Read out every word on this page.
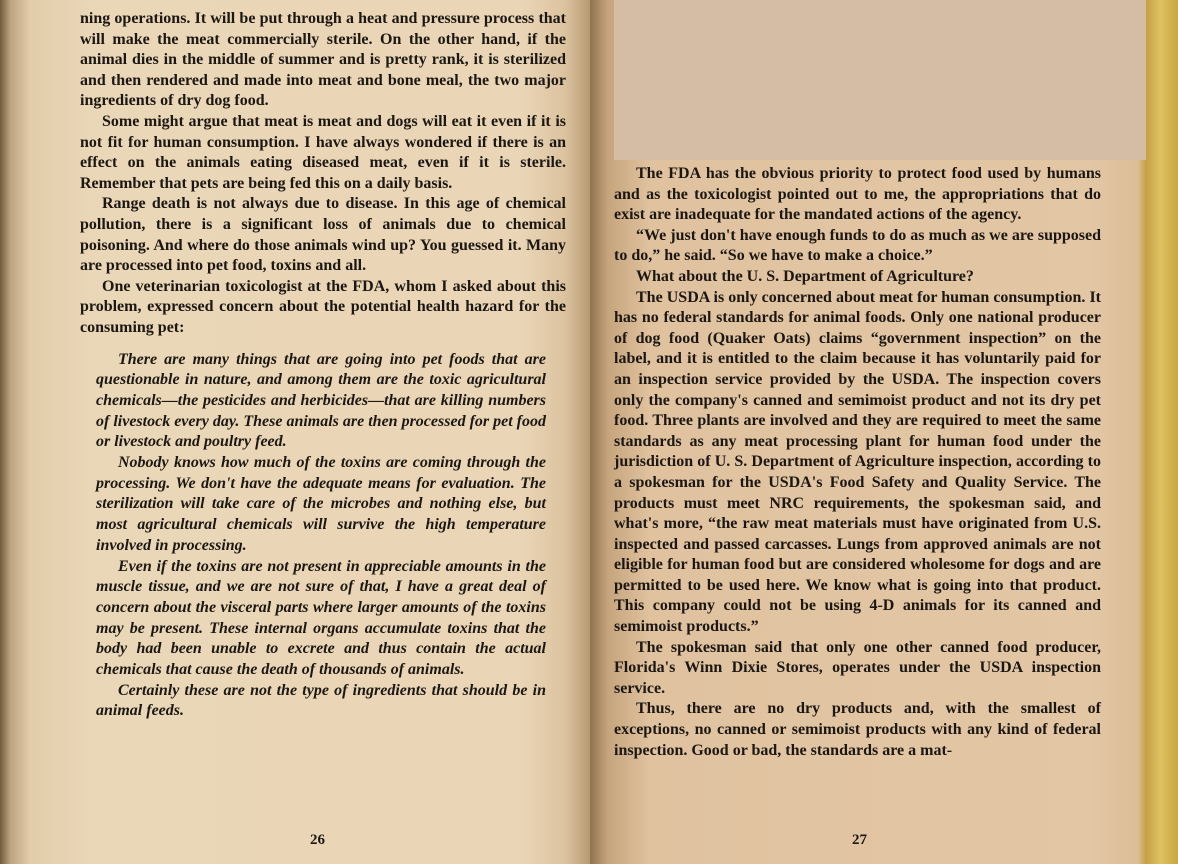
ning operations. It will be put through a heat and pressure process that will make the meat commercially sterile. On the other hand, if the animal dies in the middle of summer and is pretty rank, it is sterilized and then rendered and made into meat and bone meal, the two major ingredients of dry dog food.

Some might argue that meat is meat and dogs will eat it even if it is not fit for human consumption. I have always wondered if there is an effect on the animals eating diseased meat, even if it is sterile. Remember that pets are being fed this on a daily basis.

Range death is not always due to disease. In this age of chemical pollution, there is a significant loss of animals due to chemical poisoning. And where do those animals wind up? You guessed it. Many are processed into pet food, toxins and all.

One veterinarian toxicologist at the FDA, whom I asked about this problem, expressed concern about the potential health hazard for the consuming pet:

There are many things that are going into pet foods that are questionable in nature, and among them are the toxic agricultural chemicals—the pesticides and herbicides—that are killing numbers of livestock every day. These animals are then processed for pet food or livestock and poultry feed.

Nobody knows how much of the toxins are coming through the processing. We don't have the adequate means for evaluation. The sterilization will take care of the microbes and nothing else, but most agricultural chemicals will survive the high temperature involved in processing.

Even if the toxins are not present in appreciable amounts in the muscle tissue, and we are not sure of that, I have a great deal of concern about the visceral parts where larger amounts of the toxins may be present. These internal organs accumulate toxins that the body had been unable to excrete and thus contain the actual chemicals that cause the death of thousands of animals.

Certainly these are not the type of ingredients that should be in animal feeds.

26

The FDA has the obvious priority to protect food used by humans and as the toxicologist pointed out to me, the appropriations that do exist are inadequate for the mandated actions of the agency.

“We just don't have enough funds to do as much as we are supposed to do,” he said. “So we have to make a choice.”

What about the U. S. Department of Agriculture?

The USDA is only concerned about meat for human consumption. It has no federal standards for animal foods. Only one national producer of dog food (Quaker Oats) claims “government inspection” on the label, and it is entitled to the claim because it has voluntarily paid for an inspection service provided by the USDA. The inspection covers only the company's canned and semimoist product and not its dry pet food. Three plants are involved and they are required to meet the same standards as any meat processing plant for human food under the jurisdiction of U. S. Department of Agriculture inspection, according to a spokesman for the USDA's Food Safety and Quality Service. The products must meet NRC requirements, the spokesman said, and what's more, “the raw meat materials must have originated from U.S. inspected and passed carcasses. Lungs from approved animals are not eligible for human food but are considered wholesome for dogs and are permitted to be used here. We know what is going into that product. This company could not be using 4-D animals for its canned and semimoist products.”

The spokesman said that only one other canned food producer, Florida's Winn Dixie Stores, operates under the USDA inspection service.

Thus, there are no dry products and, with the smallest of exceptions, no canned or semimoist products with any kind of federal inspection. Good or bad, the standards are a mat-

27
